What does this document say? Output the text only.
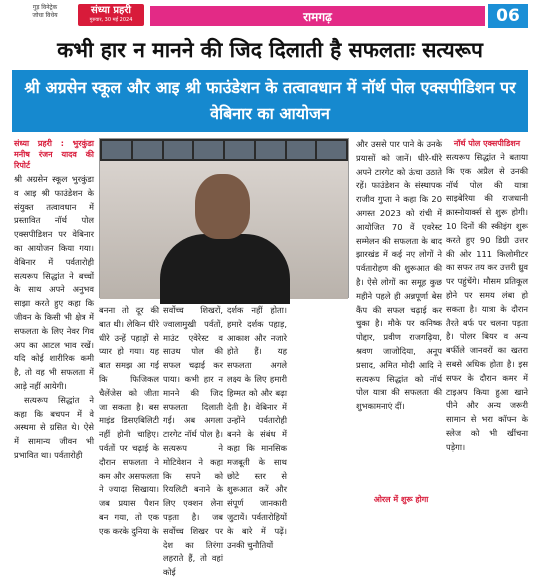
गुड़ विनेट्रेक
जोधा विधेय	संध्या प्रहरी
गुरुवार, 30 मई 2024	रामगढ़	06
कभी हार न मानने की जिद दिलाती है सफलताः सत्यरूप
श्री अग्रसेन स्कूल और आइ श्री फाउंडेशन के तत्वावधान में नॉर्थ पोल एक्सपीडिशन पर वेबिनार का आयोजन
संध्या प्रहरी : भुरकुंडा मनीष रंजन यादव की रिपोर्ट

श्री अग्रसेन स्कूल भुरकुंडा व आइ श्री फाउंडेशन के संयुक्त तत्वावधान में प्रस्तावित नॉर्थ पोल एक्सपीडिशन पर वेबिनार का आयोजन किया गया। वेबिनार में पर्वतारोही सत्यरूप सिद्धांत ने बच्चों के साथ अपने अनुभव साझा करते हुए कहा कि जीवन के किसी भी क्षेत्र में सफलता के लिए नेवर गिव अप का आटल भाव रखें। यदि कोई शारीरिक कमी है, तो वह भी सफलता में आड़े नहीं आयेगी।

सत्यरूप सिद्धांत ने कहा कि बचपन में वे अस्थमा से ग्रसित थे। ऐसे में सामान्य जीवन भी प्रभावित था। पर्वतारोही

बनना तो दूर की बात थी। लेकिन धीरे धीरे उन्हें पहाड़ों से प्यार हो गया। यह बात समझ आ गई कि फिजिकल चैलेंजेस को जीता जा सकता है। बस माइंड डिसएबिलिटी नहीं होनी चाहिए। पर्वतों पर चढ़ाई के दौरान सफलता ने कम और असफलता ने ज्यादा सिखाया। जब प्रयास पैशन बन गया, तो एक एक करके दुनिया के

सर्वोच्च शिखरों, ज्वालामुखी पर्वतों, माउंट एवेरेस्ट व साउथ पोल की सफल चढ़ाई कर पाया। कभी हार न मानने की जिद सफलता दिलाती गई। अब अगला टारगेट नॉर्थ पोल है। सत्यरूप ने मोटिवेशन ने कहा कि सपने को रियलिटी बनाने के लिए एक्शन लेना पड़ता है। जब सर्वोच्च शिखर पर देश का तिरंगा लहराते हैं, तो वहां कोई

दर्शक नहीं होता। हमारे दर्शक पहाड़, आकाश और नजारे होते हैं। यह सफलता अगले लक्ष्य के लिए हमारी हिम्मत को और बढ़ा देती है। वेबिनार में उन्होंने पर्वतारोही बनने के संबंध में कहा कि मानसिक मजबूती के साथ छोटे स्तर से शुरूआत करें और संपूर्ण जानकारी जुटायें। पर्वतारोहियों के बारे में पढ़ें। उनकी चुनौतियों

और उससे पार पाने के उनके प्रयासों को जानें। धीरे-धीरे अपने टारगेट को ऊंचा उठाते रहें। फाउंडेशन के संस्थापक राजीव गुप्ता ने कहा कि 20 अगस्त 2023 को रांची में आयोजित 70 वें एवरेस्ट सम्मेलन की सफलता के बाद झारखंड में कई नए लोगों ने पर्वतारोहण की शुरूआत की है। ऐसे लोगों का समूह कुछ महीने पहले ही अन्नपूर्णा बेस कैंप की सफल चढ़ाई कर चुका है। मौके पर कनिष्क पोद्दार, प्रवीण राजगढ़िया, श्रवण जाजोदिया, अनूप प्रसाद, अमित मोदी आदि ने सत्यरूप सिद्धांत को नॉर्थ पोल यात्रा की सफलता की शुभकामनाएं दीं।

नॉर्थ पोल एक्सपीडिशन

सत्यरूप सिद्धांत ने बताया कि एक अप्रैल से उनकी नॉर्थ पोल की यात्रा साइबेरिया की राजधानी क्रास्नोयार्क्स से शुरू होगी। 10 दिनों की स्कीइंग शुरू करते हुए 90 डिग्री उत्तर की ओर 111 किलोमीटर का सफर तय कर उत्तरी ध्रुव पर पहुंचेंगे। मौसम प्रतिकूल होने पर समय लंबा हो सकता है। यात्रा के दौरान तैरते बर्फ पर चलना पड़ता है। पोलर बियर व अन्य बर्फीले जानवरों का खतरा सबसे अधिक होता है। इस सफर के दौरान कमर में टाइअप किया हुआ खाने पीने और अन्य जरूरी सामान से भरा कॉफ्न के स्लेज को भी खींचना पड़ेगा।

ओरल में शुरू होगा
